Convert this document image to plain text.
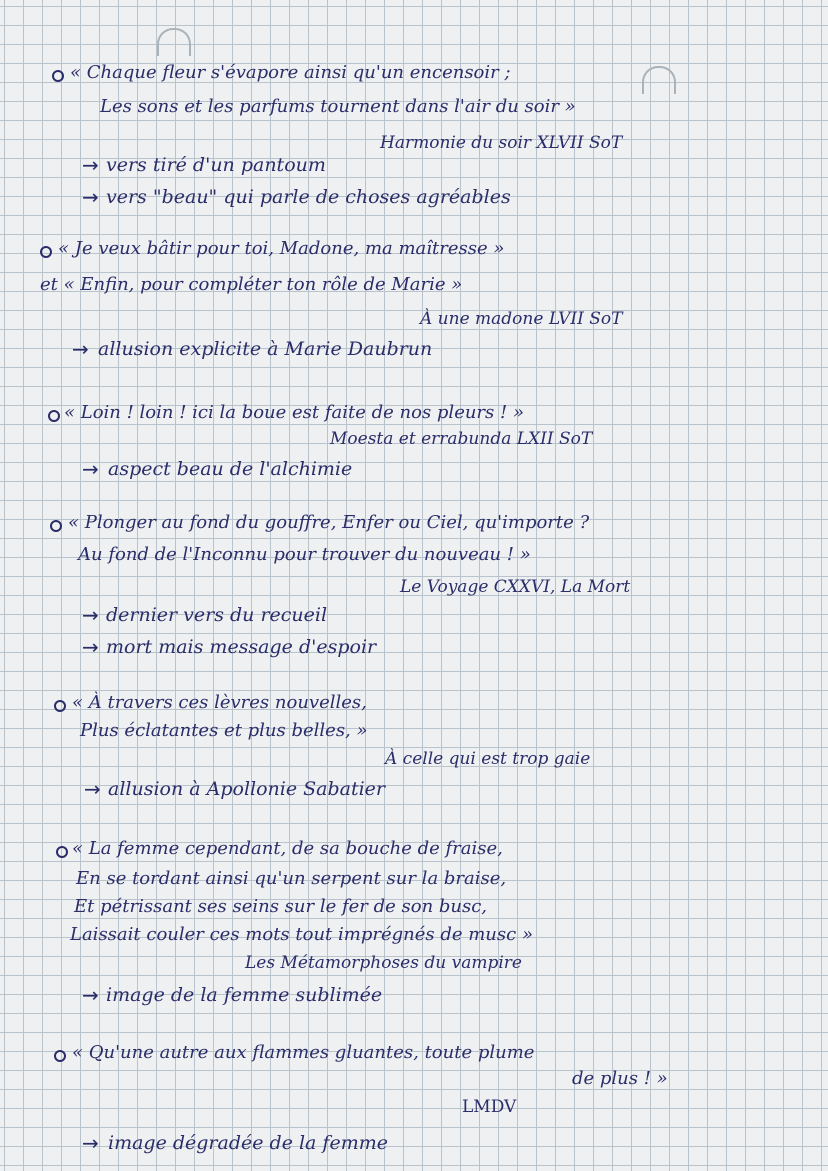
« Chaque fleur s'évapore ainsi qu'un encensoir ;

Les sons et les parfums tournent dans l'air du soir »

Harmonie du soir XLVII SoT

→ vers tiré d'un pantoum

→ vers "beau" qui parle de choses agréables

« Je veux bâtir pour toi, Madone, ma maîtresse »

et « Enfin, pour compléter ton rôle de Marie »

À une madone LVII SoT

→ allusion explicite à Marie Daubrun

« Loin ! loin ! ici la boue est faite de nos pleurs ! »

Moesta et errabunda LXII SoT

→ aspect beau de l'alchimie

« Plonger au fond du gouffre, Enfer ou Ciel, qu'importe ?

Au fond de l'Inconnu pour trouver du nouveau ! »

Le Voyage CXXVI, La Mort

→ dernier vers du recueil

→ mort mais message d'espoir

« À travers ces lèvres nouvelles,

Plus éclatantes et plus belles, »

À celle qui est trop gaie

→ allusion à Apollonie Sabatier

« La femme cependant, de sa bouche de fraise,

En se tordant ainsi qu'un serpent sur la braise,

Et pétrissant ses seins sur le fer de son busc,

Laissait couler ces mots tout imprégnés de musc »

Les Métamorphoses du vampire

→ image de la femme sublimée

« Qu'une autre aux flammes gluantes, toute plume

de plus ! »

LMDV

→ image dégradée de la femme
